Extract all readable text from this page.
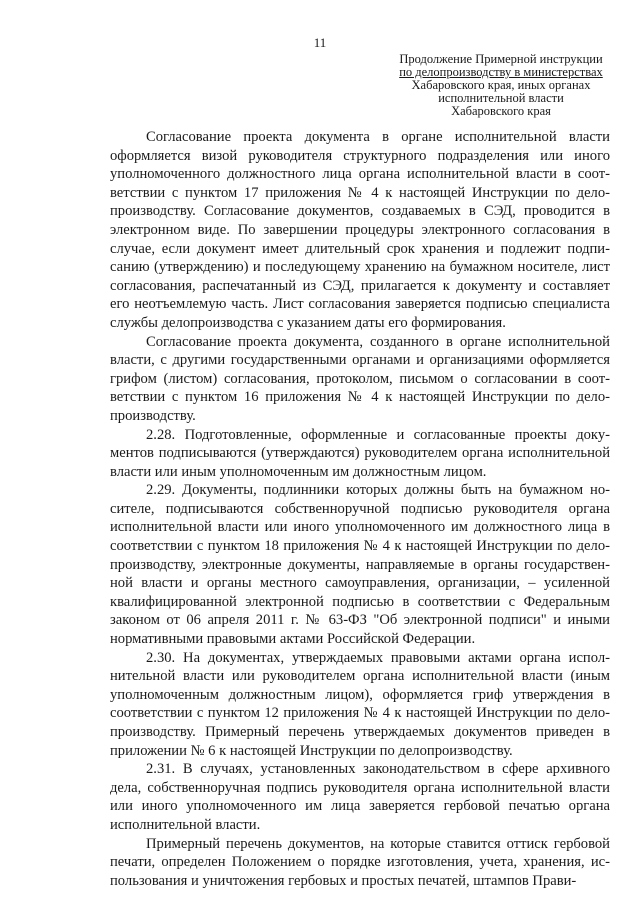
11
Продолжение Примерной инструкции
по делопроизводству в министерствах
Хабаровского края, иных органах
исполнительной власти
Хабаровского края

Согласование проекта документа в органе исполнительной власти оформляется визой руководителя структурного подразделения или иного уполномоченного должностного лица органа исполнительной власти в соответствии с пунктом 17 приложения № 4 к настоящей Инструкции по делопроизводству. Согласование документов, создаваемых в СЭД, проводится в электронном виде. По завершении процедуры электронного согласования в случае, если документ имеет длительный срок хранения и подлежит подписанию (утверждению) и последующему хранению на бумажном носителе, лист согласования, распечатанный из СЭД, прилагается к документу и составляет его неотъемлемую часть. Лист согласования заверяется подписью специалиста службы делопроизводства с указанием даты его формирования.

Согласование проекта документа, созданного в органе исполнительной власти, с другими государственными органами и организациями оформляется грифом (листом) согласования, протоколом, письмом о согласовании в соответствии с пунктом 16 приложения № 4 к настоящей Инструкции по делопроизводству.

2.28. Подготовленные, оформленные и согласованные проекты документов подписываются (утверждаются) руководителем органа исполнительной власти или иным уполномоченным им должностным лицом.

2.29. Документы, подлинники которых должны быть на бумажном носителе, подписываются собственноручной подписью руководителя органа исполнительной власти или иного уполномоченного им должностного лица в соответствии с пунктом 18 приложения № 4 к настоящей Инструкции по делопроизводству, электронные документы, направляемые в органы государственной власти и органы местного самоуправления, организации, – усиленной квалифицированной электронной подписью в соответствии с Федеральным законом от 06 апреля 2011 г. № 63-ФЗ "Об электронной подписи" и иными нормативными правовыми актами Российской Федерации.

2.30. На документах, утверждаемых правовыми актами органа исполнительной власти или руководителем органа исполнительной власти (иным уполномоченным должностным лицом), оформляется гриф утверждения в соответствии с пунктом 12 приложения № 4 к настоящей Инструкции по делопроизводству. Примерный перечень утверждаемых документов приведен в приложении № 6 к настоящей Инструкции по делопроизводству.

2.31. В случаях, установленных законодательством в сфере архивного дела, собственноручная подпись руководителя органа исполнительной власти или иного уполномоченного им лица заверяется гербовой печатью органа исполнительной власти.

Примерный перечень документов, на которые ставится оттиск гербовой печати, определен Положением о порядке изготовления, учета, хранения, использования и уничтожения гербовых и простых печатей, штампов Прави-
